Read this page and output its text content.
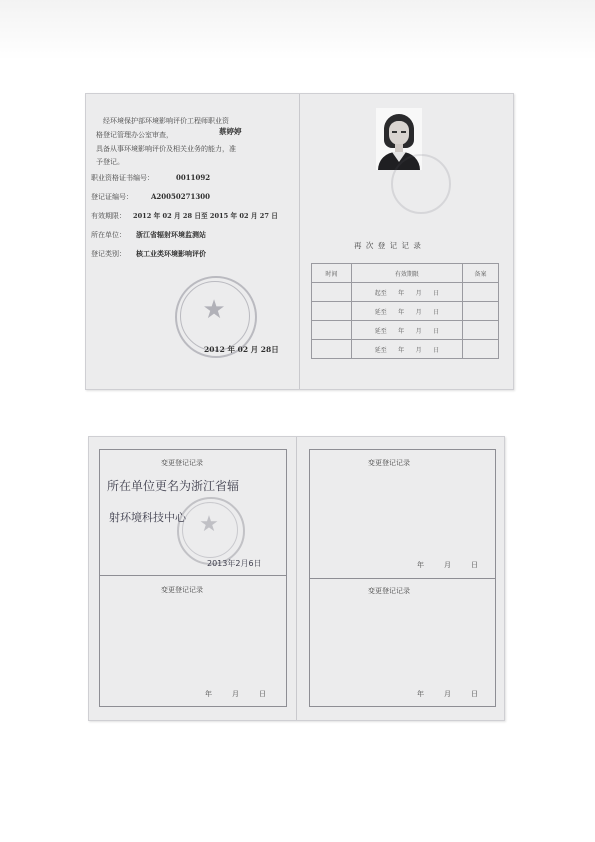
经环境保护部环境影响评价工程师职业资
格登记管理办公室审查，	蔡婷婷
具备从事环境影响评价及相关业务的能力，准
予登记。
职业资格证书编号：	0011092
登记证编号：	A20050271300
有效期限： 2012 年 02 月 28 日至 2015 年 02 月 27 日
所在单位： 浙江省辐射环境监测站
登记类别： 核工业类环境影响评价
★
2012 年 02 月 28日
再 次 登 记 记 录
时间	有效期限	备案
	起至 年 月 日	
	延至 年 月 日	
	延至 年 月 日	
	延至 年 月 日	
变更登记记录
所在单位更名为浙江省辐
射环境科技中心 ★
2013年2月6日
变更登记记录
年	月	日
变更登记记录
年	月	日
变更登记记录
年	月	日
